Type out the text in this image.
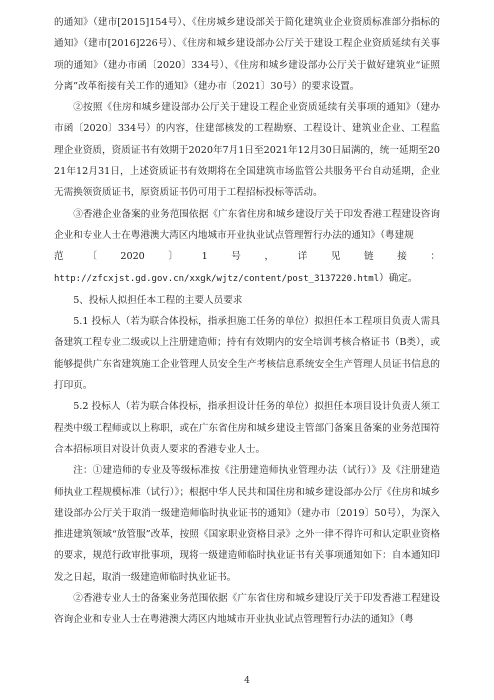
的通知》（建市[2015]154号）、《住房城乡建设部关于简化建筑业企业资质标准部分指标的通知》（建市[2016]226号）、《住房和城乡建设部办公厅关于建设工程企业资质延续有关事项的通知》（建办市函〔2020〕334号）、《住房和城乡建设部办公厅关于做好建筑业“证照分离”改革衔接有关工作的通知》（建办市〔2021〕30号）的要求设置。

②按照《住房和城乡建设部办公厅关于建设工程企业资质延续有关事项的通知》（建办市函〔2020〕334号）的内容，住建部核发的工程勘察、工程设计、建筑业企业、工程监理企业资质，资质证书有效期于2020年7月1日至2021年12月30日届满的，统一延期至2021年12月31日，上述资质证书有效期将在全国建筑市场监管公共服务平台自动延期，企业无需换领资质证书，原资质证书仍可用于工程招标投标等活动。

③香港企业备案的业务范围依据《广东省住房和城乡建设厅关于印发香港工程建设咨询企业和专业人士在粤港澳大湾区内地城市开业执业试点管理暂行办法的通知》（粤建规

范 〔 2020 〕 1 号 ， 详 见 链 接 ：

http://zfcxjst.gd.gov.cn/xxgk/wjtz/content/post_3137220.html）确定。

5、投标人拟担任本工程的主要人员要求

5.1 投标人（若为联合体投标，指承担施工任务的单位）拟担任本工程项目负责人需具备建筑工程专业二级或以上注册建造师；持有有效期内的安全培训考核合格证书（B类），或能够提供广东省建筑施工企业管理人员安全生产考核信息系统安全生产管理人员证书信息的打印页。

5.2 投标人（若为联合体投标，指承担设计任务的单位）拟担任本项目设计负责人须工程类中级工程师或以上称职，或在广东省住房和城乡建设主管部门备案且备案的业务范围符合本招标项目对设计负责人要求的香港专业人士。

注：①建造师的专业及等级标准按《注册建造师执业管理办法（试行）》及《注册建造师执业工程规模标准（试行）》；根据中华人民共和国住房和城乡建设部办公厅《住房和城乡建设部办公厅关于取消一级建造师临时执业证书的通知》（建办市〔2019〕50号），为深入推进建筑领域“放管服”改革，按照《国家职业资格目录》之外一律不得许可和认定职业资格的要求，规范行政审批事项，现将一级建造师临时执业证书有关事项通知如下：自本通知印发之日起，取消一级建造师临时执业证书。

②香港专业人士的备案业务范围依据《广东省住房和城乡建设厅关于印发香港工程建设咨询企业和专业人士在粤港澳大湾区内地城市开业执业试点管理暂行办法的通知》（粤

4
